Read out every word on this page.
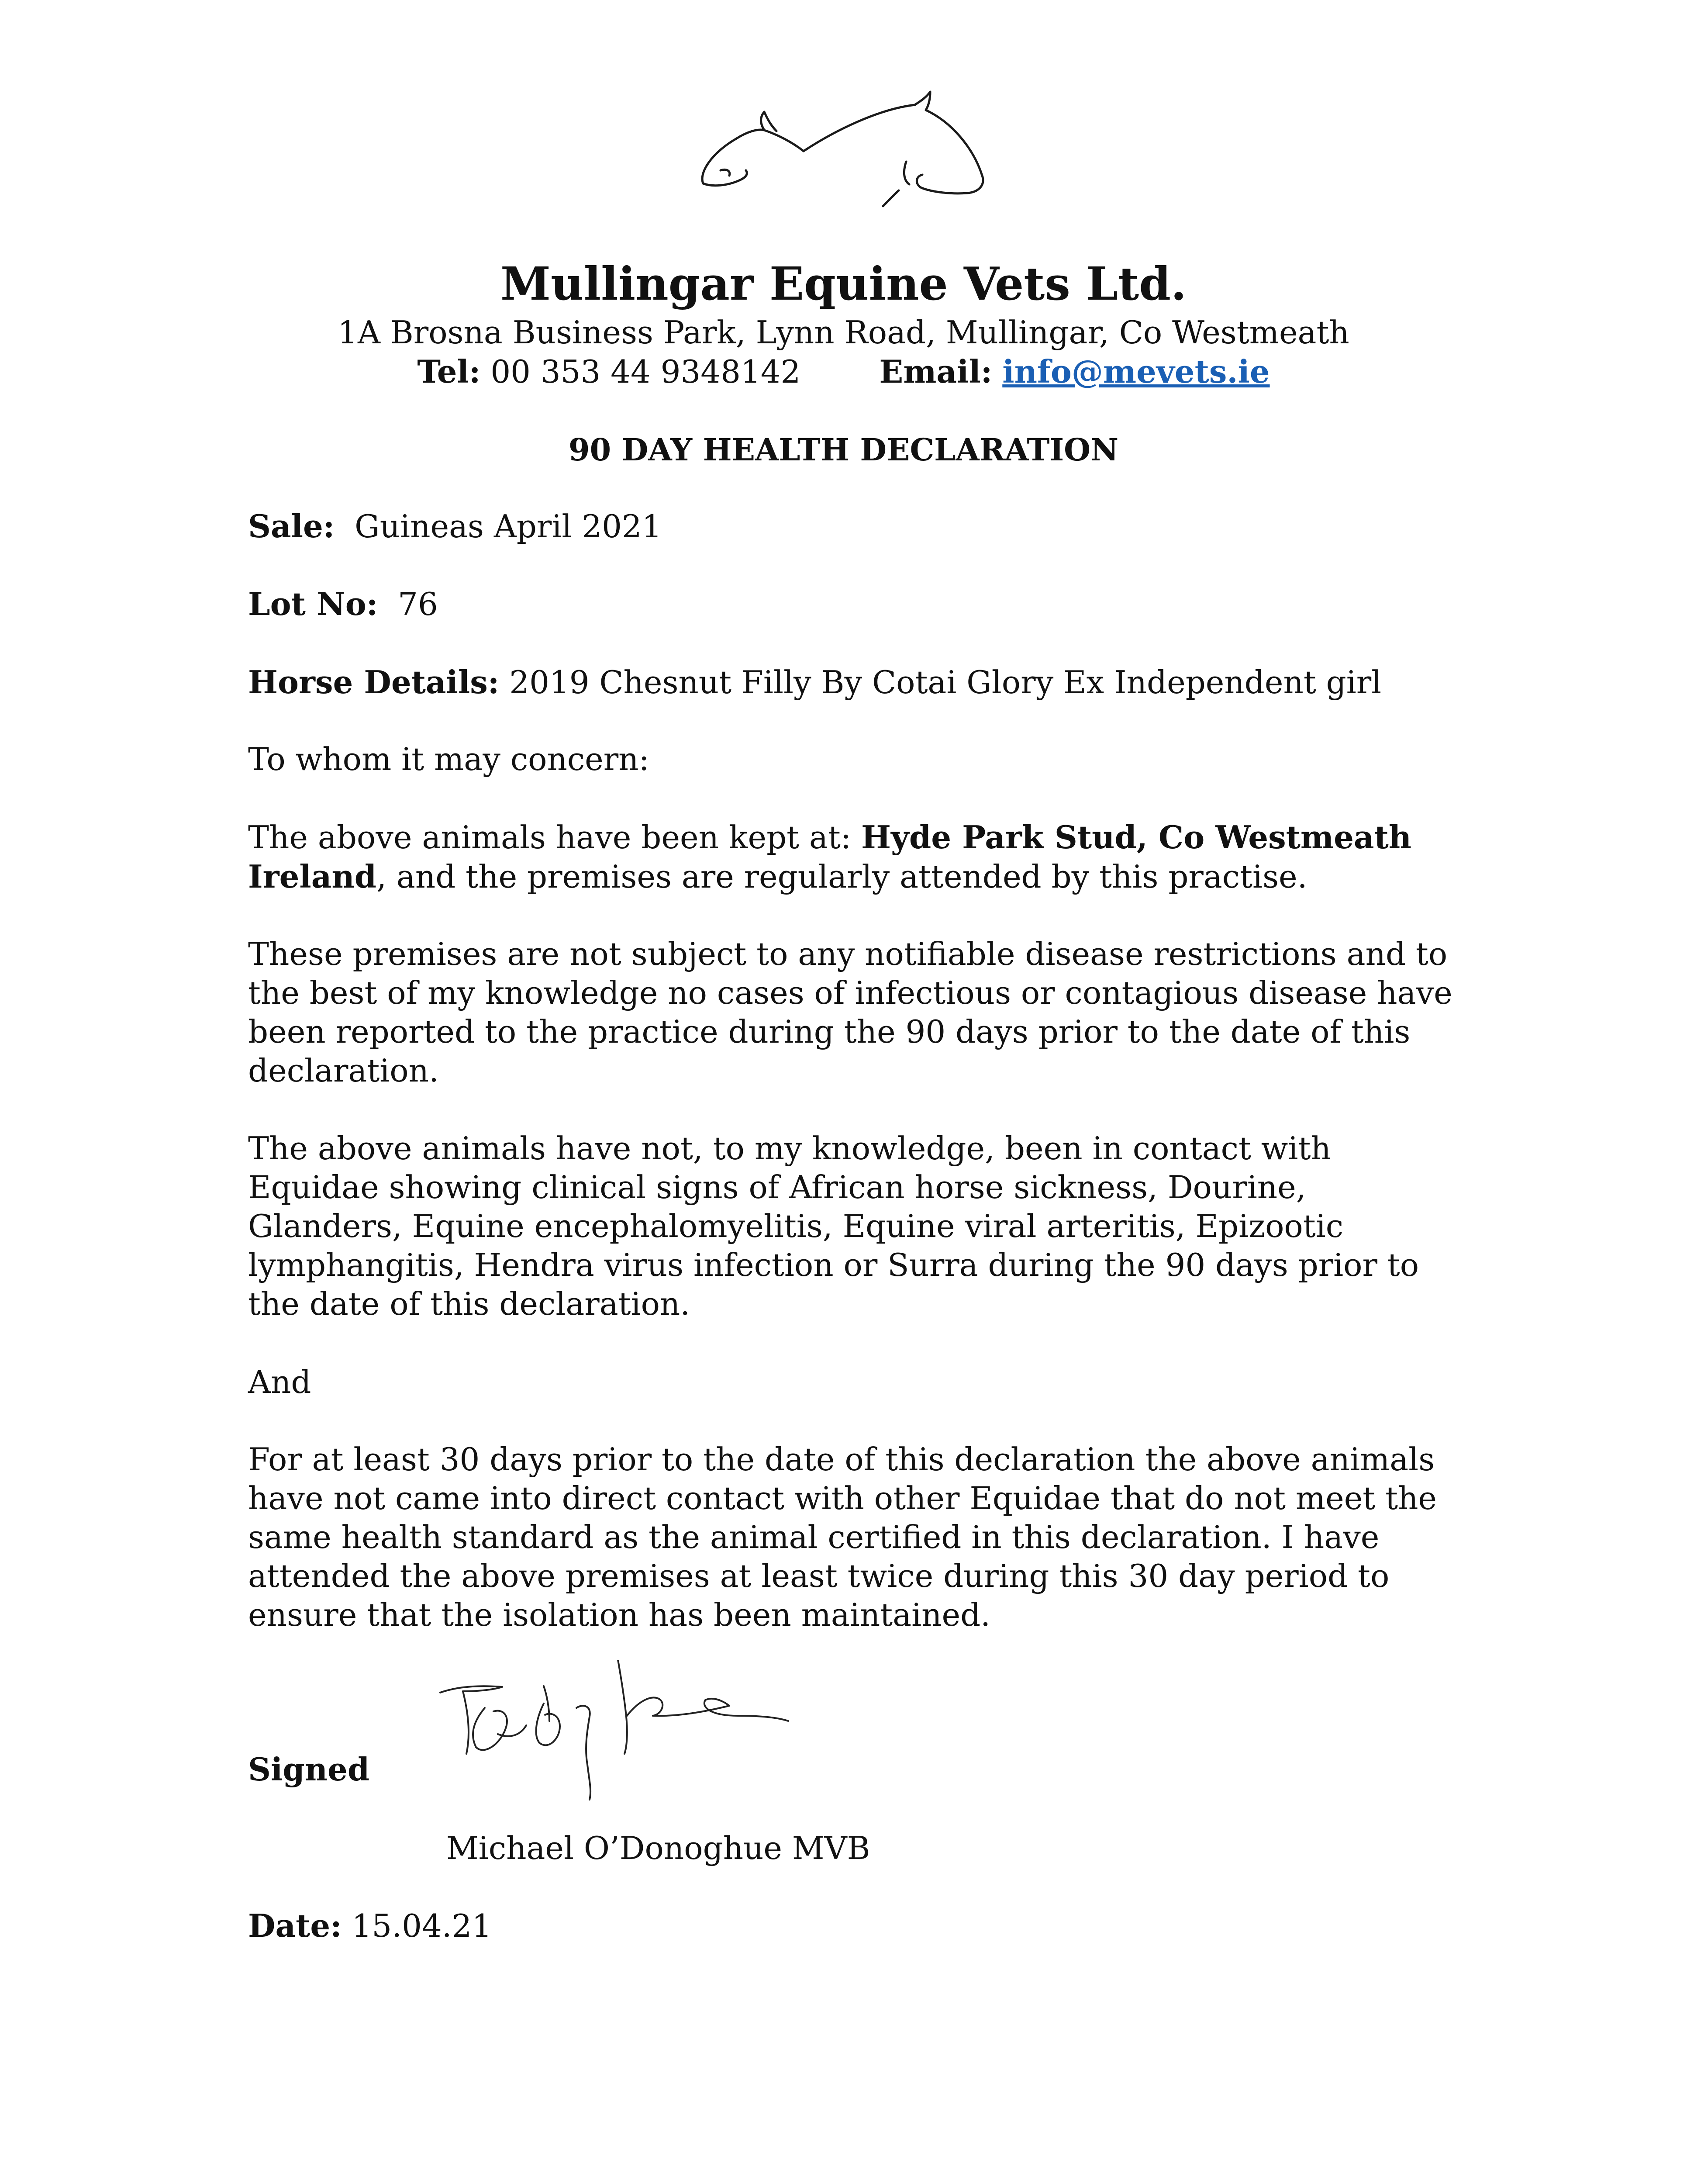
Mullingar Equine Vets Ltd.
1A Brosna Business Park, Lynn Road, Mullingar, Co Westmeath
Tel: 00 353 44 9348142	Email: info@mevets.ie
90 DAY HEALTH DECLARATION
Sale: Guineas April 2021
Lot No: 76
Horse Details: 2019 Chesnut Filly By Cotai Glory Ex Independent girl
To whom it may concern:
The above animals have been kept at: Hyde Park Stud, Co Westmeath Ireland, and the premises are regularly attended by this practise.
These premises are not subject to any notifiable disease restrictions and to the best of my knowledge no cases of infectious or contagious disease have been reported to the practice during the 90 days prior to the date of this declaration.
The above animals have not, to my knowledge, been in contact with Equidae showing clinical signs of African horse sickness, Dourine, Glanders, Equine encephalomyelitis, Equine viral arteritis, Epizootic lymphangitis, Hendra virus infection or Surra during the 90 days prior to the date of this declaration.
And
For at least 30 days prior to the date of this declaration the above animals have not came into direct contact with other Equidae that do not meet the same health standard as the animal certified in this declaration. I have attended the above premises at least twice during this 30 day period to ensure that the isolation has been maintained.
Signed
Michael O’Donoghue MVB
Date: 15.04.21
